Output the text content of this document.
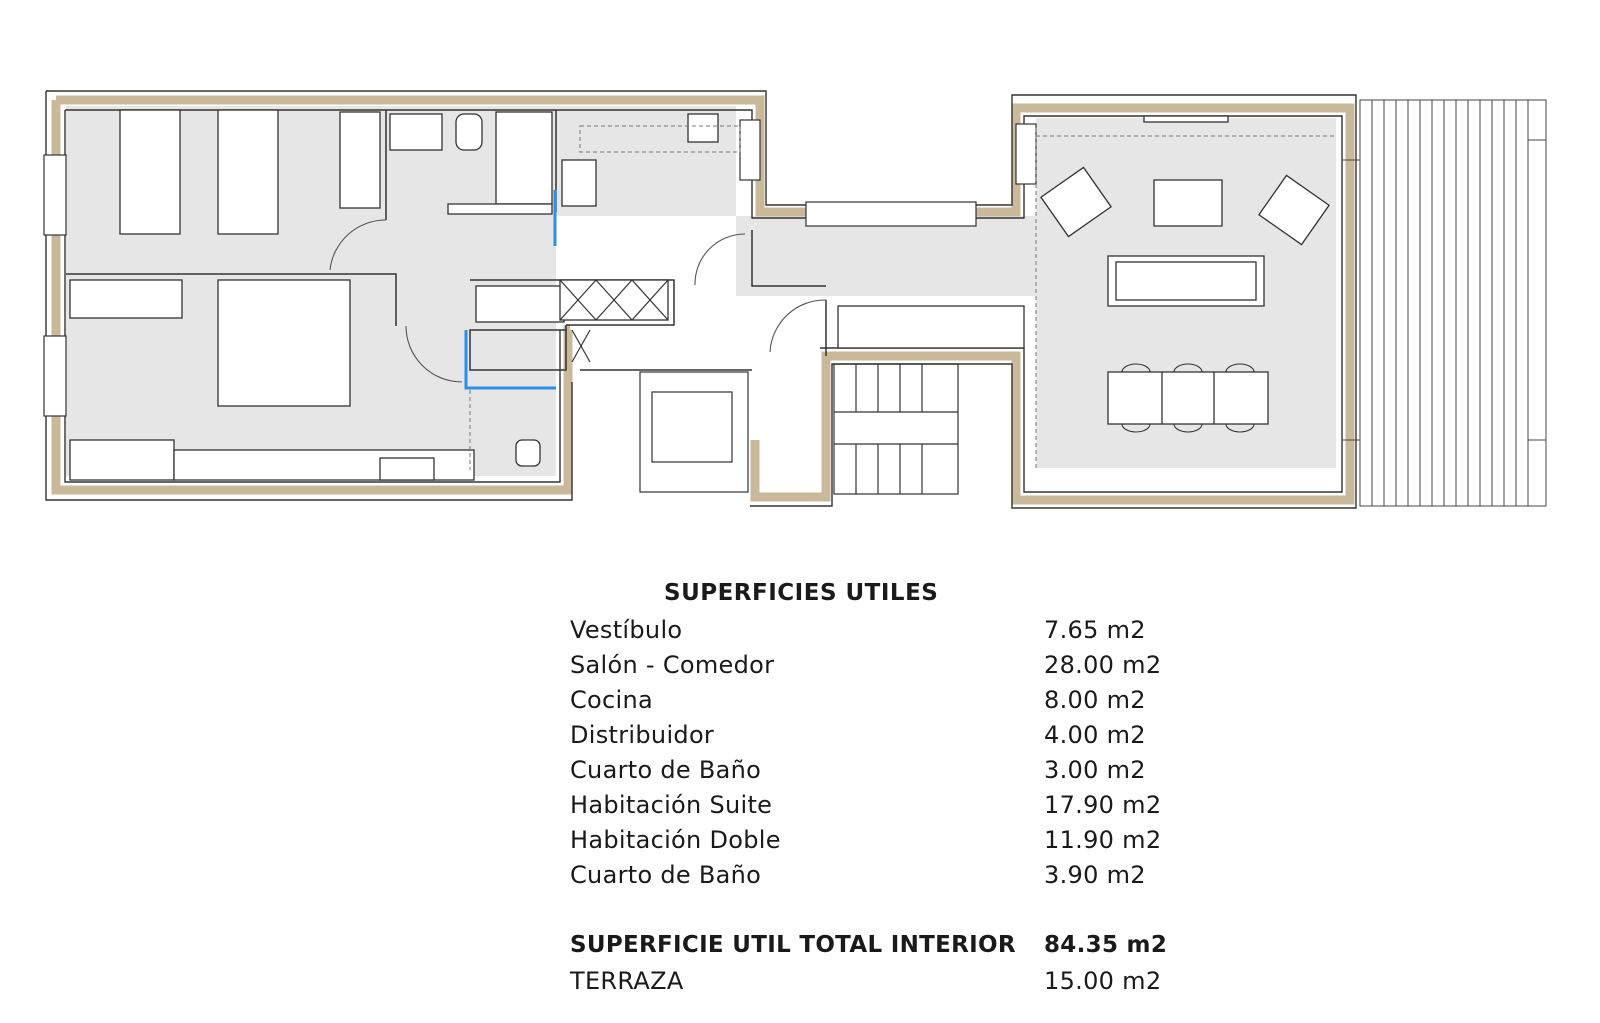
SUPERFICIES UTILES
Vestíbulo	7.65 m2
Salón - Comedor	28.00 m2
Cocina	8.00 m2
Distribuidor	4.00 m2
Cuarto de Baño	3.00 m2
Habitación Suite	17.90 m2
Habitación Doble	11.90 m2
Cuarto de Baño	3.90 m2
SUPERFICIE UTIL TOTAL INTERIOR 84.35 m2
TERRAZA	15.00 m2
